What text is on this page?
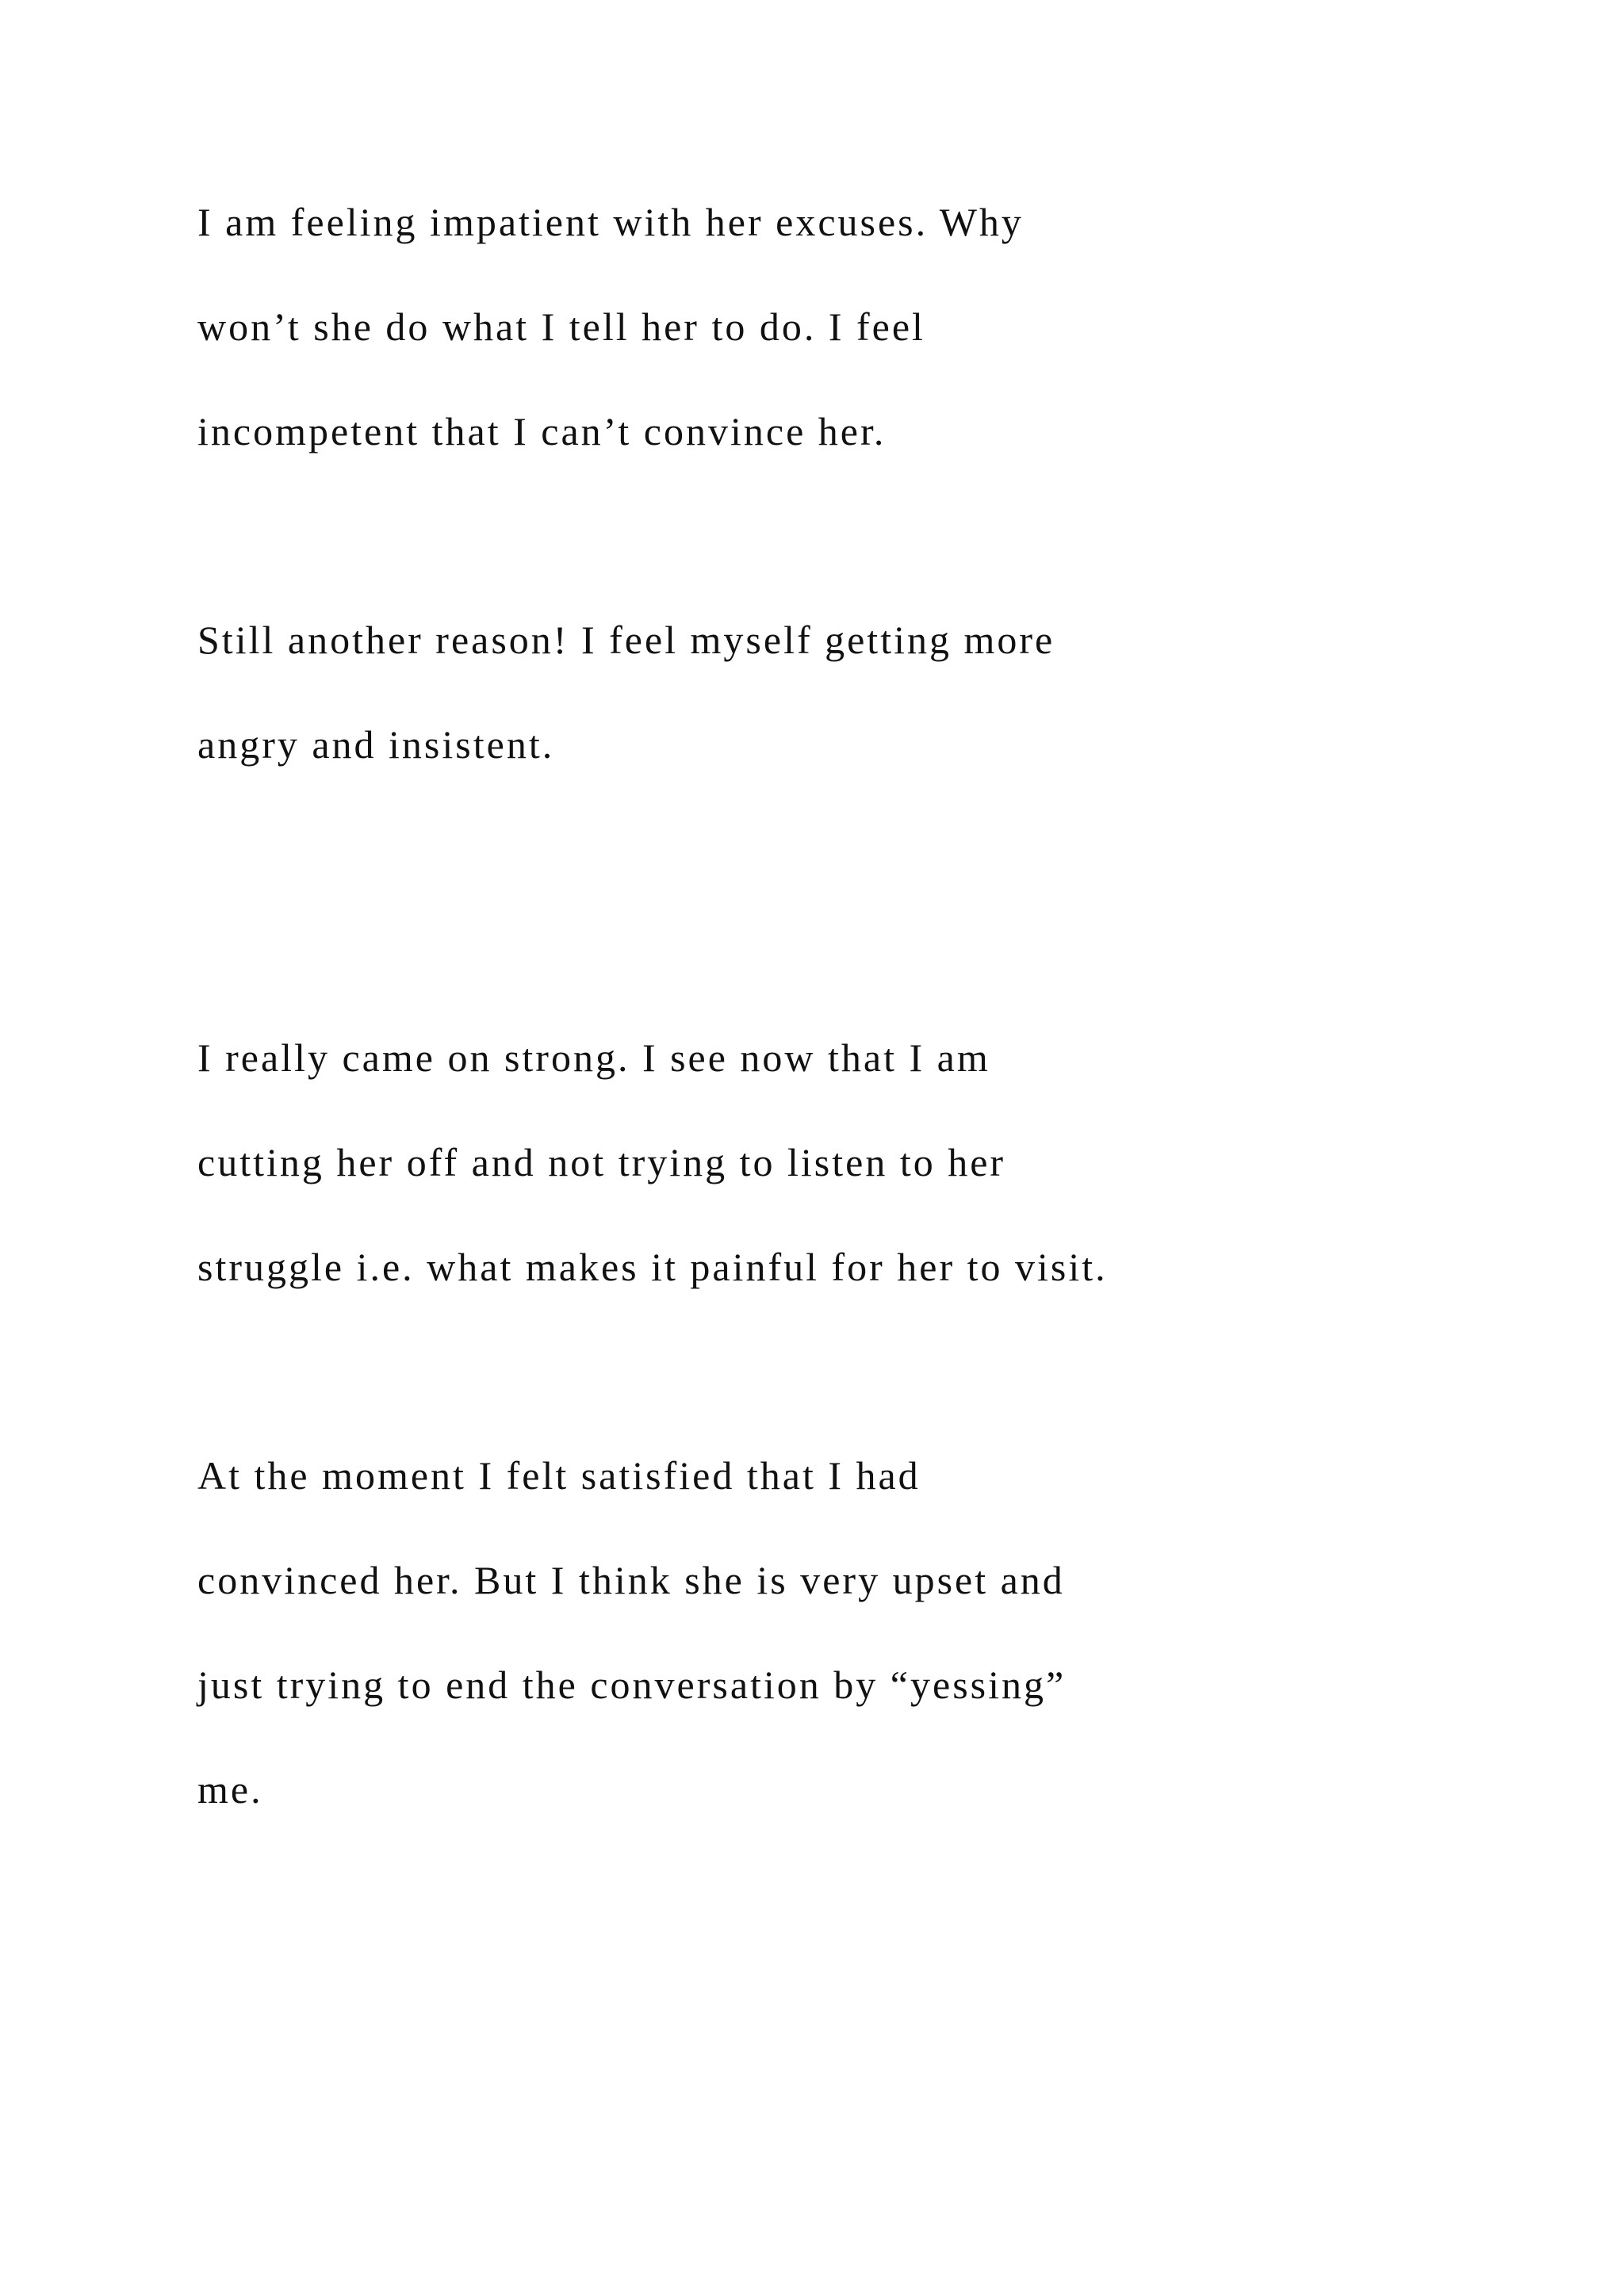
I am feeling impatient with her excuses. Why

won’t she do what I tell her to do. I feel

incompetent that I can’t convince her.

Still another reason! I feel myself getting more

angry and insistent.

I really came on strong. I see now that I am

cutting her off and not trying to listen to her

struggle i.e. what makes it painful for her to visit.

At the moment I felt satisfied that I had

convinced her. But I think she is very upset and

just trying to end the conversation by “yessing”

me.
